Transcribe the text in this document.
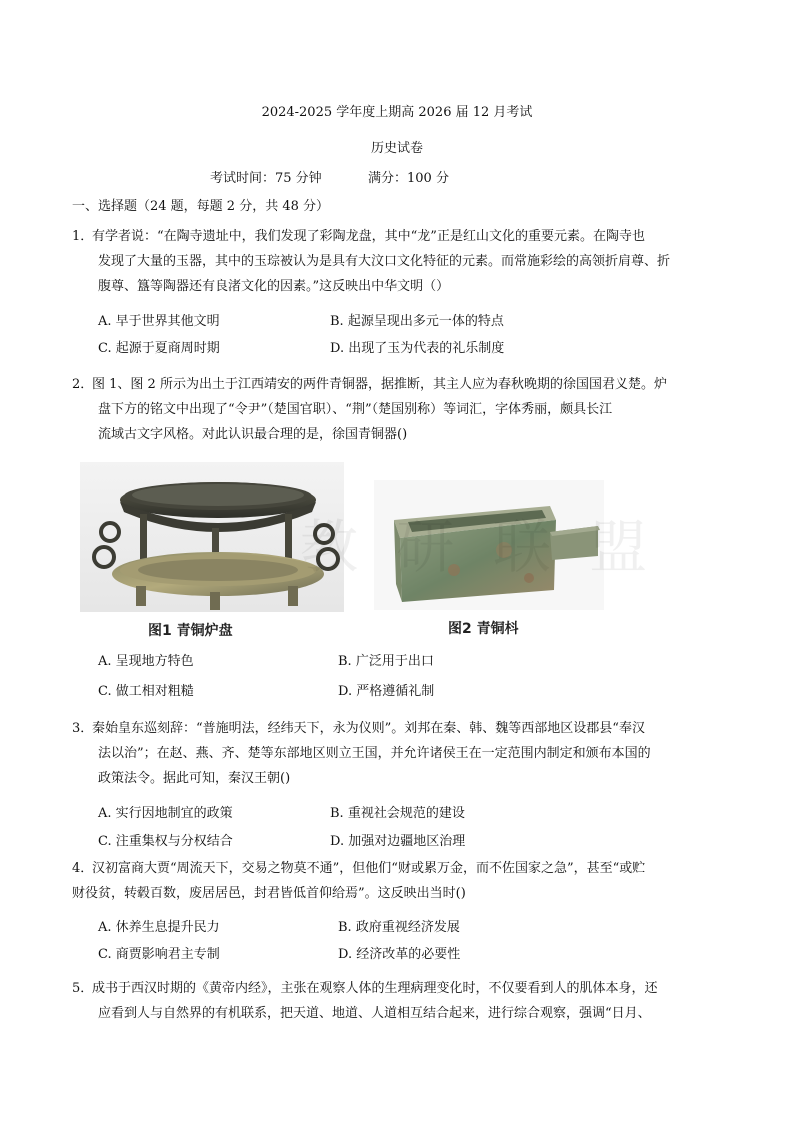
2024-2025 学年度上期高 2026 届 12 月考试
历史试卷
考试时间：75 分钟	满分：100 分
一、选择题（24 题，每题 2 分，共 48 分）
1．有学者说：“在陶寺遗址中，我们发现了彩陶龙盘，其中“龙”正是红山文化的重要元素。在陶寺也
发现了大量的玉器，其中的玉琮被认为是具有大汶口文化特征的元素。而常施彩绘的高领折肩尊、折
腹尊、簋等陶器还有良渚文化的因素。”这反映出中华文明（）
A. 早于世界其他文明	B. 起源呈现出多元一体的特点
C. 起源于夏商周时期	D. 出现了玉为代表的礼乐制度
2．图 1、图 2 所示为出土于江西靖安的两件青铜器，据推断，其主人应为春秋晚期的徐国国君义楚。炉
盘下方的铭文中出现了“令尹”（楚国官职）、“荆”（楚国别称）等词汇，字体秀丽，颇具长江
流域古文字风格。对此认识最合理的是，徐国青铜器()
图1 青铜炉盘	图2 青铜枓
教 研 联 盟
A. 呈现地方特色	B. 广泛用于出口
C. 做工相对粗糙	D. 严格遵循礼制
3．秦始皇东巡刻辞：“普施明法，经纬天下，永为仪则”。刘邦在秦、韩、魏等西部地区设郡县“奉汉
法以治”；在赵、燕、齐、楚等东部地区则立王国，并允许诸侯王在一定范围内制定和颁布本国的
政策法令。据此可知，秦汉王朝()
A. 实行因地制宜的政策	B. 重视社会规范的建设
C. 注重集权与分权结合	D. 加强对边疆地区治理
4．汉初富商大贾“周流天下，交易之物莫不通”，但他们“财或累万金，而不佐国家之急”，甚至“或贮
财役贫，转毂百数，废居居邑，封君皆低首仰给焉”。这反映出当时()
A. 休养生息提升民力	B. 政府重视经济发展
C. 商贾影响君主专制	D. 经济改革的必要性
5．成书于西汉时期的《黄帝内经》，主张在观察人体的生理病理变化时，不仅要看到人的肌体本身，还
应看到人与自然界的有机联系，把天道、地道、人道相互结合起来，进行综合观察，强调“日月、
